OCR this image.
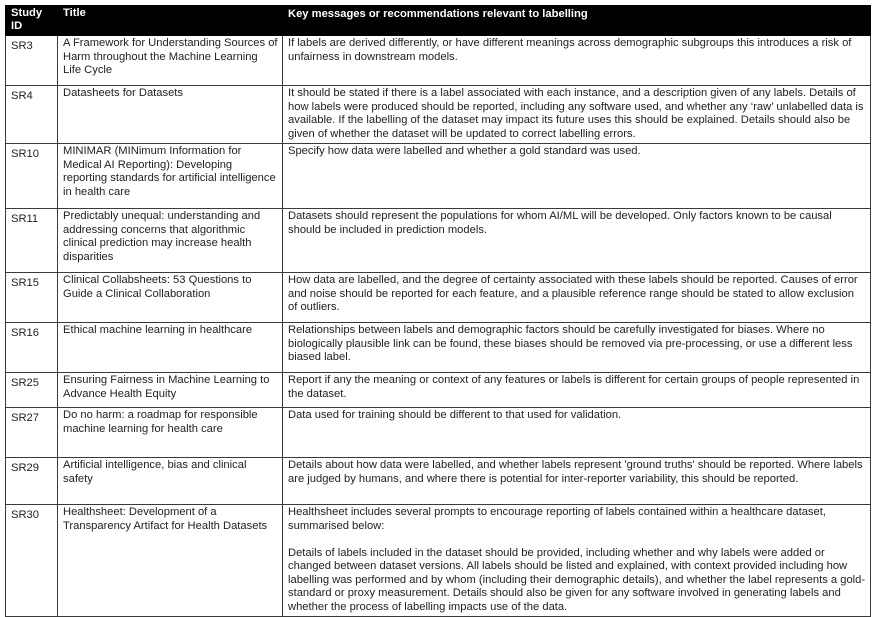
Study ID	Title	Key messages or recommendations relevant to labelling
SR3	A Framework for Understanding Sources of Harm throughout the Machine Learning Life Cycle	If labels are derived differently, or have different meanings across demographic subgroups this introduces a risk of unfairness in downstream models.

SR4	Datasheets for Datasets	It should be stated if there is a label associated with each instance, and a description given of any labels. Details of how labels were produced should be reported, including any software used, and whether any ‘raw’ unlabelled data is available. If the labelling of the dataset may impact its future uses this should be explained. Details should also be given of whether the dataset will be updated to correct labelling errors.

SR10	MINIMAR (MINimum Information for Medical AI Reporting): Developing reporting standards for artificial intelligence in health care	Specify how data were labelled and whether a gold standard was used.

SR11	Predictably unequal: understanding and addressing concerns that algorithmic clinical prediction may increase health disparities	Datasets should represent the populations for whom AI/ML will be developed. Only factors known to be causal should be included in prediction models.

SR15	Clinical Collabsheets: 53 Questions to Guide a Clinical Collaboration	How data are labelled, and the degree of certainty associated with these labels should be reported. Causes of error and noise should be reported for each feature, and a plausible reference range should be stated to allow exclusion of outliers.

SR16	Ethical machine learning in healthcare	Relationships between labels and demographic factors should be carefully investigated for biases. Where no biologically plausible link can be found, these biases should be removed via pre-processing, or use a different less biased label.

SR25	Ensuring Fairness in Machine Learning to Advance Health Equity	Report if any the meaning or context of any features or labels is different for certain groups of people represented in the dataset.

SR27	Do no harm: a roadmap for responsible machine learning for health care	Data used for training should be different to that used for validation.

SR29	Artificial intelligence, bias and clinical safety	Details about how data were labelled, and whether labels represent 'ground truths' should be reported. Where labels are judged by humans, and where there is potential for inter-reporter variability, this should be reported.

SR30	Healthsheet: Development of a Transparency Artifact for Health Datasets	Healthsheet includes several prompts to encourage reporting of labels contained within a healthcare dataset, summarised below:

Details of labels included in the dataset should be provided, including whether and why labels were added or changed between dataset versions. All labels should be listed and explained, with context provided including how labelling was performed and by whom (including their demographic details), and whether the label represents a gold-standard or proxy measurement. Details should also be given for any software involved in generating labels and whether the process of labelling impacts use of the data.
